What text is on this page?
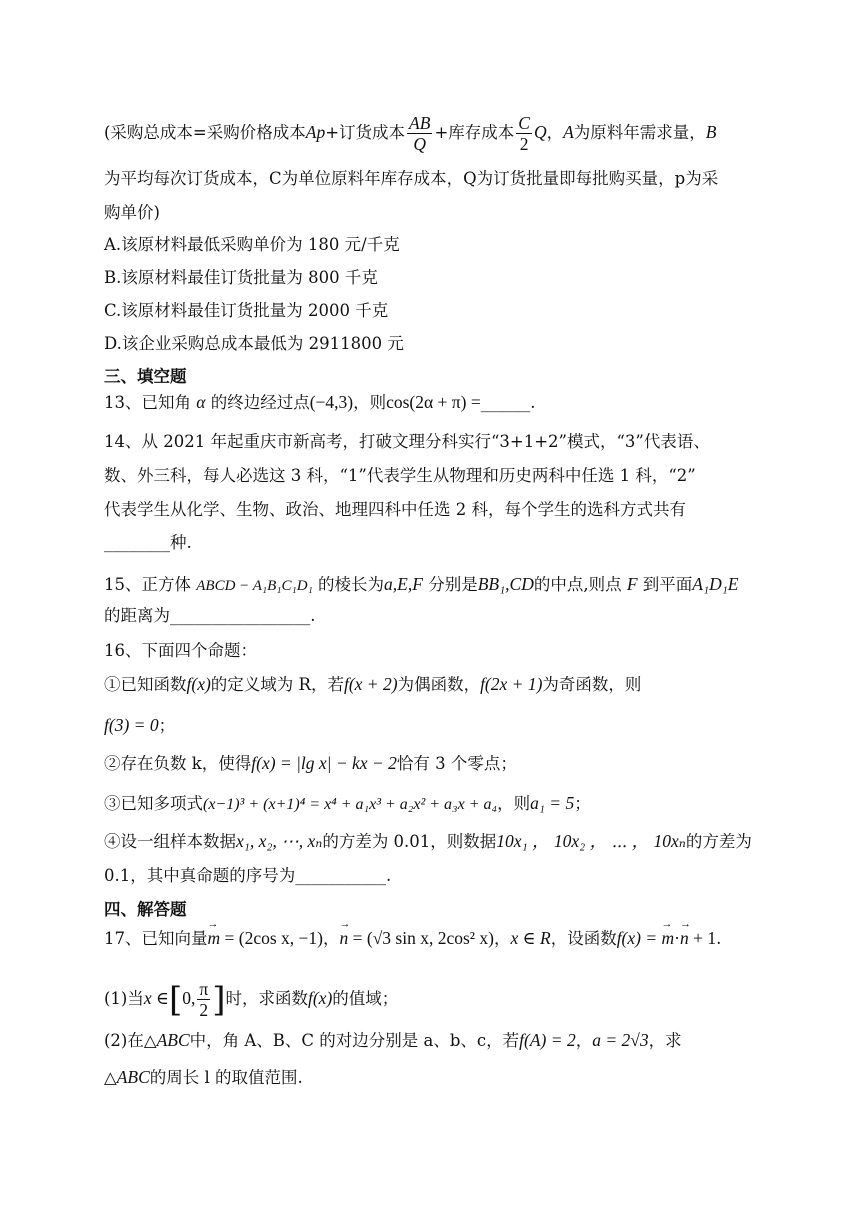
(采购总成本=采购价格成本Ap+订货成本 $\frac{AB}{Q}$ +库存成本 $\frac{C}{2}$ Q，A为原料年需求量，B
为平均每次订货成本，C为单位原料年库存成本，Q为订货批量即每批购买量，p为采
购单价)
A.该原材料最低采购单价为 180 元/千克
B.该原材料最佳订货批量为 800 千克
C.该原材料最佳订货批量为 2000 千克
D.该企业采购总成本最低为 2911800 元
三、填空题
13、已知角 α 的终边经过点(−4,3)，则cos(2α + π) =______.
14、从 2021 年起重庆市新高考，打破文理分科实行“3+1+2”模式，“3”代表语、
数、外三科，每人必选这 3 科，“1”代表学生从物理和历史两科中任选 1 科，“2”
代表学生从化学、生物、政治、地理四科中任选 2 科，每个学生的选科方式共有
________种.
15、正方体 ABCD − A₁B₁C₁D₁ 的棱长为a,E,F 分别是BB₁,CD的中点,则点 F 到平面A₁D₁E
的距离为_________________.
16、下面四个命题：
①已知函数f(x)的定义域为 R，若f(x + 2)为偶函数，f(2x + 1)为奇函数，则
f(3) = 0；
②存在负数 k，使得f(x) = |lg x| − kx − 2恰有 3 个零点；
③已知多项式(x−1)³ + (x+1)⁴ = x⁴ + a₁x³ + a₂x² + a₃x + a₄，则a₁ = 5；
④设一组样本数据x₁, x₂, ⋯, xₙ的方差为 0.01，则数据10x₁ ， 10x₂ ， ⋯ ， 10xₙ的方差为
0.1，其中真命题的序号为___________.
四、解答题
17、已知向量→ m = (2cos x, −1)，→ n = (√3 sin x, 2cos² x)，x ∈ R，设函数f(x) = → m·→ n + 1.
(1)当x ∈[0, $\frac{\pi}{2}$ ]时，求函数f(x)的值域；
(2)在△ABC中，角 A、B、C 的对边分别是 a、b、c，若f(A) = 2，a = 2√3，求
△ABC的周长 l 的取值范围.
